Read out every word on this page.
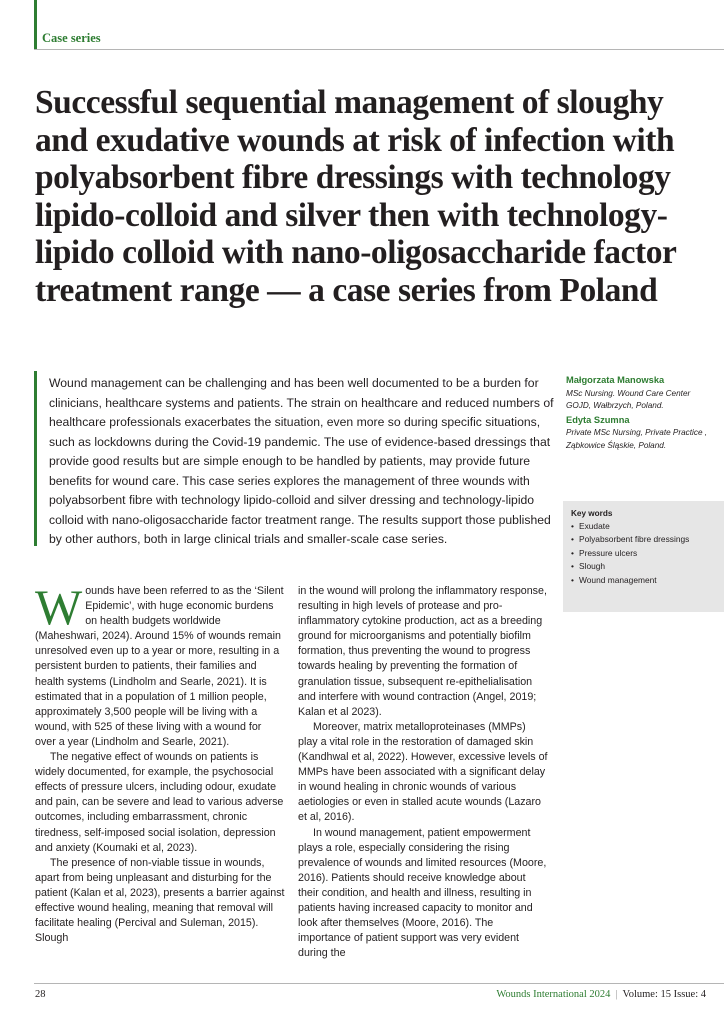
Case series
Successful sequential management of sloughy and exudative wounds at risk of infection with polyabsorbent fibre dressings with technology lipido-colloid and silver then with technology-lipido colloid with nano-oligosaccharide factor treatment range — a case series from Poland

Wound management can be challenging and has been well documented to be a burden for clinicians, healthcare systems and patients. The strain on healthcare and reduced numbers of healthcare professionals exacerbates the situation, even more so during specific situations, such as lockdowns during the Covid-19 pandemic. The use of evidence-based dressings that provide good results but are simple enough to be handled by patients, may provide future benefits for wound care. This case series explores the management of three wounds with polyabsorbent fibre with technology lipido-colloid and silver dressing and technology-lipido colloid with nano-oligosaccharide factor treatment range. The results support those published by other authors, both in large clinical trials and smaller-scale case series.

Małgorzata Manowska

MSc Nursing. Wound Care Center GOJD, Wałbrzych, Poland.

Edyta Szumna

Private MSc Nursing, Private Practice , Ząbkowice Śląskie, Poland.

Key words

• Exudate
• Polyabsorbent fibre dressings
• Pressure ulcers
• Slough
• Wound management

Wounds have been referred to as the ‘Silent Epidemic’, with huge economic burdens on health budgets worldwide (Maheshwari, 2024). Around 15% of wounds remain unresolved even up to a year or more, resulting in a persistent burden to patients, their families and health systems (Lindholm and Searle, 2021). It is estimated that in a population of 1 million people, approximately 3,500 people will be living with a wound, with 525 of these living with a wound for over a year (Lindholm and Searle, 2021).

The negative effect of wounds on patients is widely documented, for example, the psychosocial effects of pressure ulcers, including odour, exudate and pain, can be severe and lead to various adverse outcomes, including embarrassment, chronic tiredness, self-imposed social isolation, depression and anxiety (Koumaki et al, 2023).

The presence of non-viable tissue in wounds, apart from being unpleasant and disturbing for the patient (Kalan et al, 2023), presents a barrier against effective wound healing, meaning that removal will facilitate healing (Percival and Suleman, 2015). Slough

in the wound will prolong the inflammatory response, resulting in high levels of protease and pro-inflammatory cytokine production, act as a breeding ground for microorganisms and potentially biofilm formation, thus preventing the wound to progress towards healing by preventing the formation of granulation tissue, subsequent re-epithelialisation and interfere with wound contraction (Angel, 2019; Kalan et al 2023).

Moreover, matrix metalloproteinases (MMPs) play a vital role in the restoration of damaged skin (Kandhwal et al, 2022). However, excessive levels of MMPs have been associated with a significant delay in wound healing in chronic wounds of various aetiologies or even in stalled acute wounds (Lazaro et al, 2016).

In wound management, patient empowerment plays a role, especially considering the rising prevalence of wounds and limited resources (Moore, 2016). Patients should receive knowledge about their condition, and health and illness, resulting in patients having increased capacity to monitor and look after themselves (Moore, 2016). The importance of patient support was very evident during the

28	Wounds International 2024 | Volume: 15 Issue: 4
